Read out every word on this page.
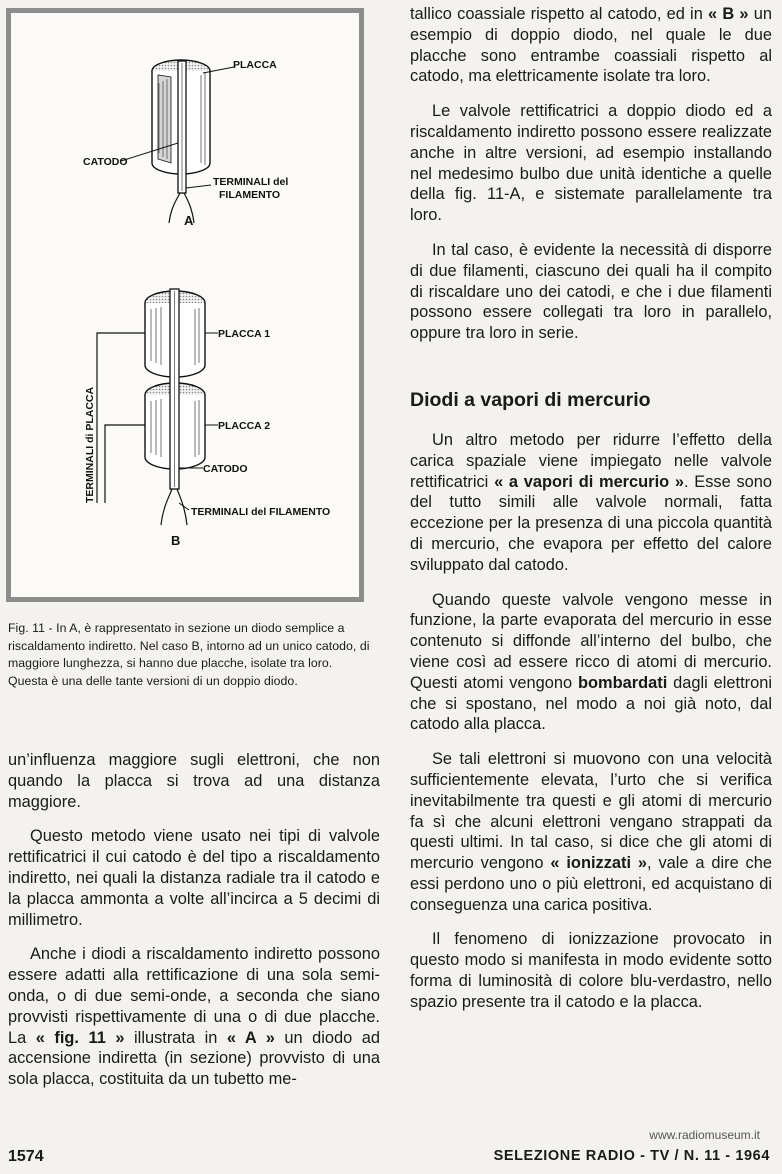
PLACCA
CATODO
TERMINALI del
FILAMENTO
A
PLACCA 1
PLACCA 2
CATODO
TERMINALI del FILAMENTO
TERMINALI di PLACCA
B
Fig. 11 - In A, è rappresentato in sezione un diodo semplice a riscaldamento indiretto. Nel caso B, intorno ad un unico catodo, di maggiore lunghezza, si hanno due placche, isolate tra loro. Questa è una delle tante versioni di un doppio diodo.

un’influenza maggiore sugli elettroni, che non quando la placca si trova ad una distanza maggiore.

Questo metodo viene usato nei tipi di valvole rettificatrici il cui catodo è del tipo a riscaldamento indiretto, nei quali la distanza radiale tra il catodo e la placca ammonta a volte all’incirca a 5 decimi di millimetro.

Anche i diodi a riscaldamento indiretto possono essere adatti alla rettificazione di una sola semi-onda, o di due semi-onde, a seconda che siano provvisti rispettivamente di una o di due placche. La « fig. 11 » illustrata in « A » un diodo ad accensione indiretta (in sezione) provvisto di una sola placca, costituita da un tubetto me-

tallico coassiale rispetto al catodo, ed in « B » un esempio di doppio diodo, nel quale le due placche sono entrambe coassiali rispetto al catodo, ma elettricamente isolate tra loro.

Le valvole rettificatrici a doppio diodo ed a riscaldamento indiretto possono essere realizzate anche in altre versioni, ad esempio installando nel medesimo bulbo due unità identiche a quelle della fig. 11-A, e sistemate parallelamente tra loro.

In tal caso, è evidente la necessità di disporre di due filamenti, ciascuno dei quali ha il compito di riscaldare uno dei catodi, e che i due filamenti possono essere collegati tra loro in parallelo, oppure tra loro in serie.

Diodi a vapori di mercurio

Un altro metodo per ridurre l’effetto della carica spaziale viene impiegato nelle valvole rettificatrici « a vapori di mercurio ». Esse sono del tutto simili alle valvole normali, fatta eccezione per la presenza di una piccola quantità di mercurio, che evapora per effetto del calore sviluppato dal catodo.

Quando queste valvole vengono messe in funzione, la parte evaporata del mercurio in esse contenuto si diffonde all’interno del bulbo, che viene così ad essere ricco di atomi di mercurio. Questi atomi vengono bombardati dagli elettroni che si spostano, nel modo a noi già noto, dal catodo alla placca.

Se tali elettroni si muovono con una velocità sufficientemente elevata, l’urto che si verifica inevitabilmente tra questi e gli atomi di mercurio fa sì che alcuni elettroni vengano strappati da questi ultimi. In tal caso, si dice che gli atomi di mercurio vengono « ionizzati », vale a dire che essi perdono uno o più elettroni, ed acquistano di conseguenza una carica positiva.

Il fenomeno di ionizzazione provocato in questo modo si manifesta in modo evidente sotto forma di luminosità di colore blu-verdastro, nello spazio presente tra il catodo e la placca.

www.radiomuseum.it
1574	SELEZIONE RADIO - TV / N. 11 - 1964
